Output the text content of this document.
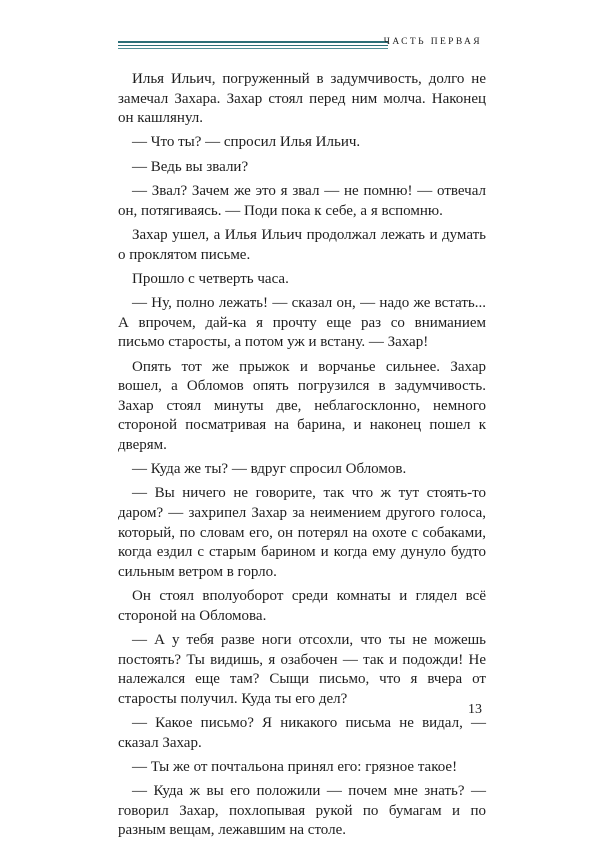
ЧАСТЬ ПЕРВАЯ

Илья Ильич, погруженный в задумчивость, долго не замечал Захара. Захар стоял перед ним молча. Наконец он кашлянул.

— Что ты? — спросил Илья Ильич.

— Ведь вы звали?

— Звал? Зачем же это я звал — не помню! — отвечал он, потягиваясь. — Поди пока к себе, а я вспомню.

Захар ушел, а Илья Ильич продолжал лежать и думать о проклятом письме.

Прошло с четверть часа.

— Ну, полно лежать! — сказал он, — надо же встать... А впрочем, дай-ка я прочту еще раз со вниманием письмо старосты, а потом уж и встану. — Захар!

Опять тот же прыжок и ворчанье сильнее. Захар вошел, а Обломов опять погрузился в задумчивость. Захар стоял минуты две, неблагосклонно, немного стороной посматривая на барина, и наконец пошел к дверям.

— Куда же ты? — вдруг спросил Обломов.

— Вы ничего не говорите, так что ж тут стоять-то даром? — захрипел Захар за неимением другого голоса, который, по словам его, он потерял на охоте с собаками, когда ездил с старым барином и когда ему дунуло будто сильным ветром в горло.

Он стоял вполуоборот среди комнаты и глядел всё стороной на Обломова.

— А у тебя разве ноги отсохли, что ты не можешь постоять? Ты видишь, я озабочен — так и подожди! Не належался еще там? Сыщи письмо, что я вчера от старосты получил. Куда ты его дел?

— Какое письмо? Я никакого письма не видал, — сказал Захар.

— Ты же от почтальона принял его: грязное такое!

— Куда ж вы его положили — почем мне знать? — говорил Захар, похлопывая рукой по бумагам и по разным вещам, лежавшим на столе.

13
